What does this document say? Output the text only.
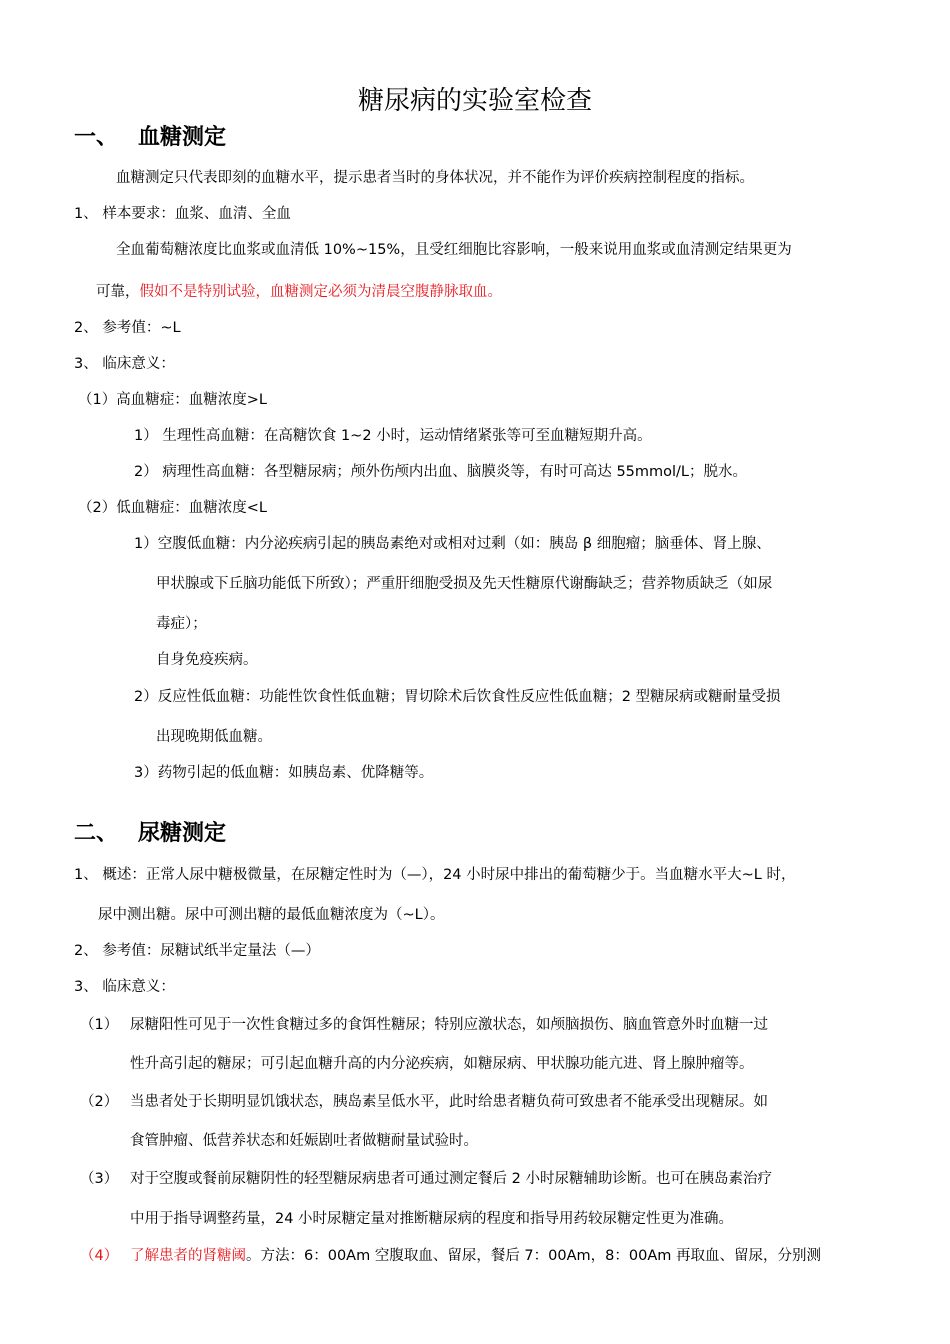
糖尿病的实验室检查
一、 血糖测定
血糖测定只代表即刻的血糖水平，提示患者当时的身体状况，并不能作为评价疾病控制程度的指标。
1、 样本要求：血浆、血清、全血
全血葡萄糖浓度比血浆或血清低 10%~15%，且受红细胞比容影响，一般来说用血浆或血清测定结果更为
可靠，假如不是特别试验，血糖测定必须为清晨空腹静脉取血。
2、 参考值：~L
3、 临床意义：
（1）高血糖症：血糖浓度>L
1） 生理性高血糖：在高糖饮食 1~2 小时，运动情绪紧张等可至血糖短期升高。
2） 病理性高血糖：各型糖尿病；颅外伤颅内出血、脑膜炎等，有时可高达 55mmol/L；脱水。
（2）低血糖症：血糖浓度<L
1）空腹低血糖：内分泌疾病引起的胰岛素绝对或相对过剩（如：胰岛 β 细胞瘤；脑垂体、肾上腺、
甲状腺或下丘脑功能低下所致）；严重肝细胞受损及先天性糖原代谢酶缺乏；营养物质缺乏（如尿
毒症）；
自身免疫疾病。
2）反应性低血糖：功能性饮食性低血糖；胃切除术后饮食性反应性低血糖；2 型糖尿病或糖耐量受损
出现晚期低血糖。
3）药物引起的低血糖：如胰岛素、优降糖等。
二、 尿糖测定
1、 概述：正常人尿中糖极微量，在尿糖定性时为（—），24 小时尿中排出的葡萄糖少于。当血糖水平大~L 时，
尿中测出糖。尿中可测出糖的最低血糖浓度为（~L）。
2、 参考值：尿糖试纸半定量法（—）
3、 临床意义：
（1） 尿糖阳性可见于一次性食糖过多的食饵性糖尿；特别应激状态，如颅脑损伤、脑血管意外时血糖一过
性升高引起的糖尿；可引起血糖升高的内分泌疾病，如糖尿病、甲状腺功能亢进、肾上腺肿瘤等。
（2） 当患者处于长期明显饥饿状态，胰岛素呈低水平，此时给患者糖负荷可致患者不能承受出现糖尿。如
食管肿瘤、低营养状态和妊娠剧吐者做糖耐量试验时。
（3） 对于空腹或餐前尿糖阴性的轻型糖尿病患者可通过测定餐后 2 小时尿糖辅助诊断。也可在胰岛素治疗
中用于指导调整药量，24 小时尿糖定量对推断糖尿病的程度和指导用药较尿糖定性更为准确。
（4） 了解患者的肾糖阈。方法：6：00Am 空腹取血、留尿，餐后 7：00Am，8：00Am 再取血、留尿，分别测
